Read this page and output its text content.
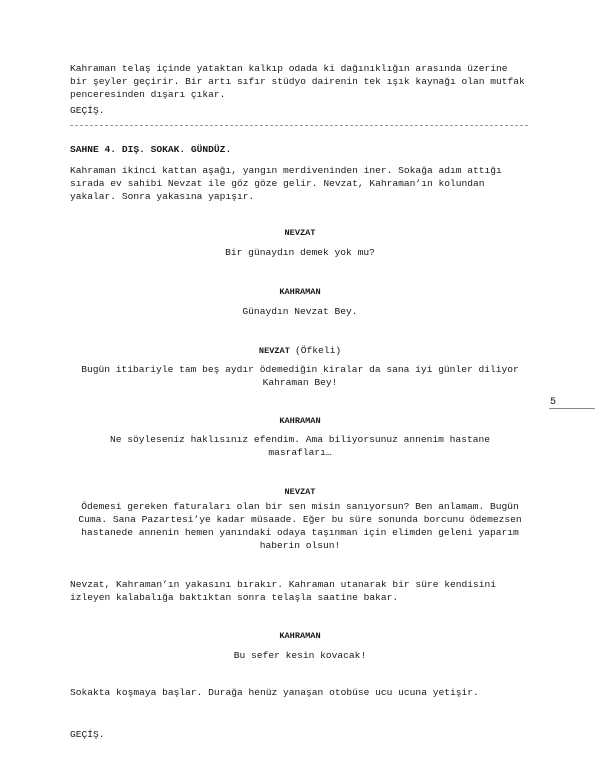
Kahraman telaş içinde yataktan kalkıp odada ki dağınıklığın arasında üzerine
bir şeyler geçirir. Bir artı sıfır stüdyo dairenin tek ışık kaynağı olan mutfak
penceresinden dışarı çıkar.

GEÇİŞ.

SAHNE 4. DIŞ. SOKAK. GÜNDÜZ.

Kahraman ikinci kattan aşağı, yangın merdiveninden iner. Sokağa adım attığı
sırada ev sahibi Nevzat ile göz göze gelir. Nevzat, Kahraman’ın kolundan
yakalar. Sonra yakasına yapışır.

NEVZAT

Bir günaydın demek yok mu?

KAHRAMAN

Günaydın Nevzat Bey.

NEVZAT (Öfkeli)

Bugün itibariyle tam beş aydır ödemediğin kiralar da sana iyi günler diliyor
Kahraman Bey!

5

KAHRAMAN

Ne söyleseniz haklısınız efendim. Ama biliyorsunuz annenim hastane
masrafları…

NEVZAT

Ödemesi gereken faturaları olan bir sen misin sanıyorsun? Ben anlamam. Bugün
Cuma. Sana Pazartesi’ye kadar müsaade. Eğer bu süre sonunda borcunu ödemezsen
hastanede annenin hemen yanındaki odaya taşınman için elimden geleni yaparım
haberin olsun!

Nevzat, Kahraman’ın yakasını bırakır. Kahraman utanarak bir süre kendisini
izleyen kalabalığa baktıktan sonra telaşla saatine bakar.

KAHRAMAN

Bu sefer kesin kovacak!

Sokakta koşmaya başlar. Durağa henüz yanaşan otobüse ucu ucuna yetişir.

GEÇİŞ.
